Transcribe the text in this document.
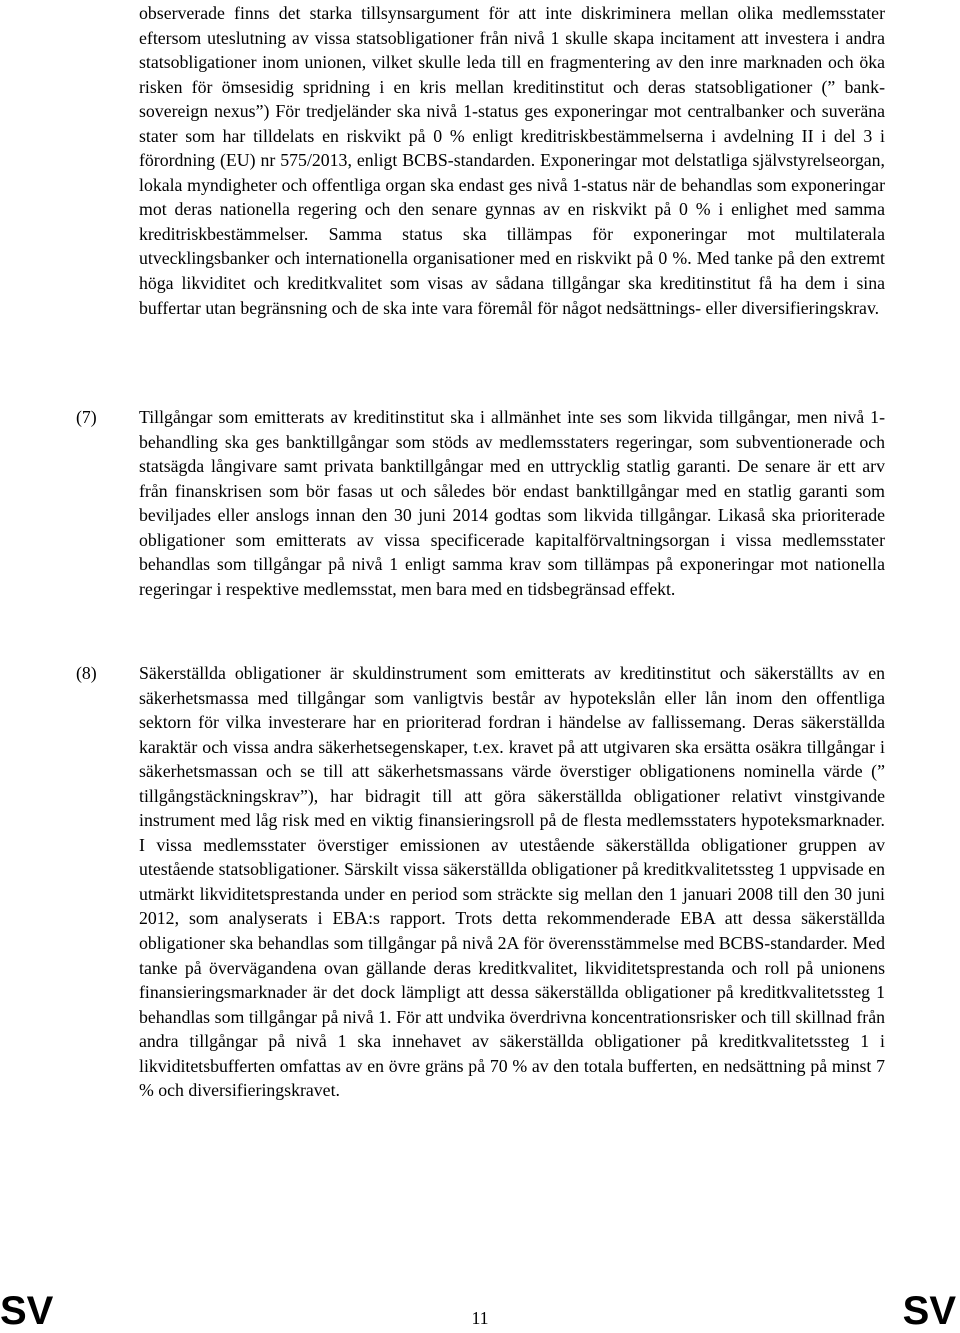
observerade finns det starka tillsynsargument för att inte diskriminera mellan olika medlemsstater eftersom uteslutning av vissa statsobligationer från nivå 1 skulle skapa incitament att investera i andra statsobligationer inom unionen, vilket skulle leda till en fragmentering av den inre marknaden och öka risken för ömsesidig spridning i en kris mellan kreditinstitut och deras statsobligationer (” bank-sovereign nexus”) För tredjeländer ska nivå 1-status ges exponeringar mot centralbanker och suveräna stater som har tilldelats en riskvikt på 0 % enligt kreditriskbestämmelserna i avdelning II i del 3 i förordning (EU) nr 575/2013, enligt BCBS-standarden. Exponeringar mot delstatliga självstyrelseorgan, lokala myndigheter och offentliga organ ska endast ges nivå 1-status när de behandlas som exponeringar mot deras nationella regering och den senare gynnas av en riskvikt på 0 % i enlighet med samma kreditriskbestämmelser. Samma status ska tillämpas för exponeringar mot multilaterala utvecklingsbanker och internationella organisationer med en riskvikt på 0 %. Med tanke på den extremt höga likviditet och kreditkvalitet som visas av sådana tillgångar ska kreditinstitut få ha dem i sina buffertar utan begränsning och de ska inte vara föremål för något nedsättnings- eller diversifieringskrav.
(7) Tillgångar som emitterats av kreditinstitut ska i allmänhet inte ses som likvida tillgångar, men nivå 1-behandling ska ges banktillgångar som stöds av medlemsstaters regeringar, som subventionerade och statsägda långivare samt privata banktillgångar med en uttrycklig statlig garanti. De senare är ett arv från finanskrisen som bör fasas ut och således bör endast banktillgångar med en statlig garanti som beviljades eller anslogs innan den 30 juni 2014 godtas som likvida tillgångar. Likaså ska prioriterade obligationer som emitterats av vissa specificerade kapitalförvaltningsorgan i vissa medlemsstater behandlas som tillgångar på nivå 1 enligt samma krav som tillämpas på exponeringar mot nationella regeringar i respektive medlemsstat, men bara med en tidsbegränsad effekt.
(8) Säkerställda obligationer är skuldinstrument som emitterats av kreditinstitut och säkerställts av en säkerhetsmassa med tillgångar som vanligtvis består av hypotekslån eller lån inom den offentliga sektorn för vilka investerare har en prioriterad fordran i händelse av fallissemang. Deras säkerställda karaktär och vissa andra säkerhetsegenskaper, t.ex. kravet på att utgivaren ska ersätta osäkra tillgångar i säkerhetsmassan och se till att säkerhetsmassans värde överstiger obligationens nominella värde (” tillgångstäckningskrav”), har bidragit till att göra säkerställda obligationer relativt vinstgivande instrument med låg risk med en viktig finansieringsroll på de flesta medlemsstaters hypoteksmarknader. I vissa medlemsstater överstiger emissionen av utestående säkerställda obligationer gruppen av utestående statsobligationer. Särskilt vissa säkerställda obligationer på kreditkvalitetssteg 1 uppvisade en utmärkt likviditetsprestanda under en period som sträckte sig mellan den 1 januari 2008 till den 30 juni 2012, som analyserats i EBA:s rapport. Trots detta rekommenderade EBA att dessa säkerställda obligationer ska behandlas som tillgångar på nivå 2A för överensstämmelse med BCBS-standarder. Med tanke på övervägandena ovan gällande deras kreditkvalitet, likviditetsprestanda och roll på unionens finansieringsmarknader är det dock lämpligt att dessa säkerställda obligationer på kreditkvalitetssteg 1 behandlas som tillgångar på nivå 1. För att undvika överdrivna koncentrationsrisker och till skillnad från andra tillgångar på nivå 1 ska innehavet av säkerställda obligationer på kreditkvalitetssteg 1 i likviditetsbufferten omfattas av en övre gräns på 70 % av den totala bufferten, en nedsättning på minst 7 % och diversifieringskravet.
SV	11	SV
